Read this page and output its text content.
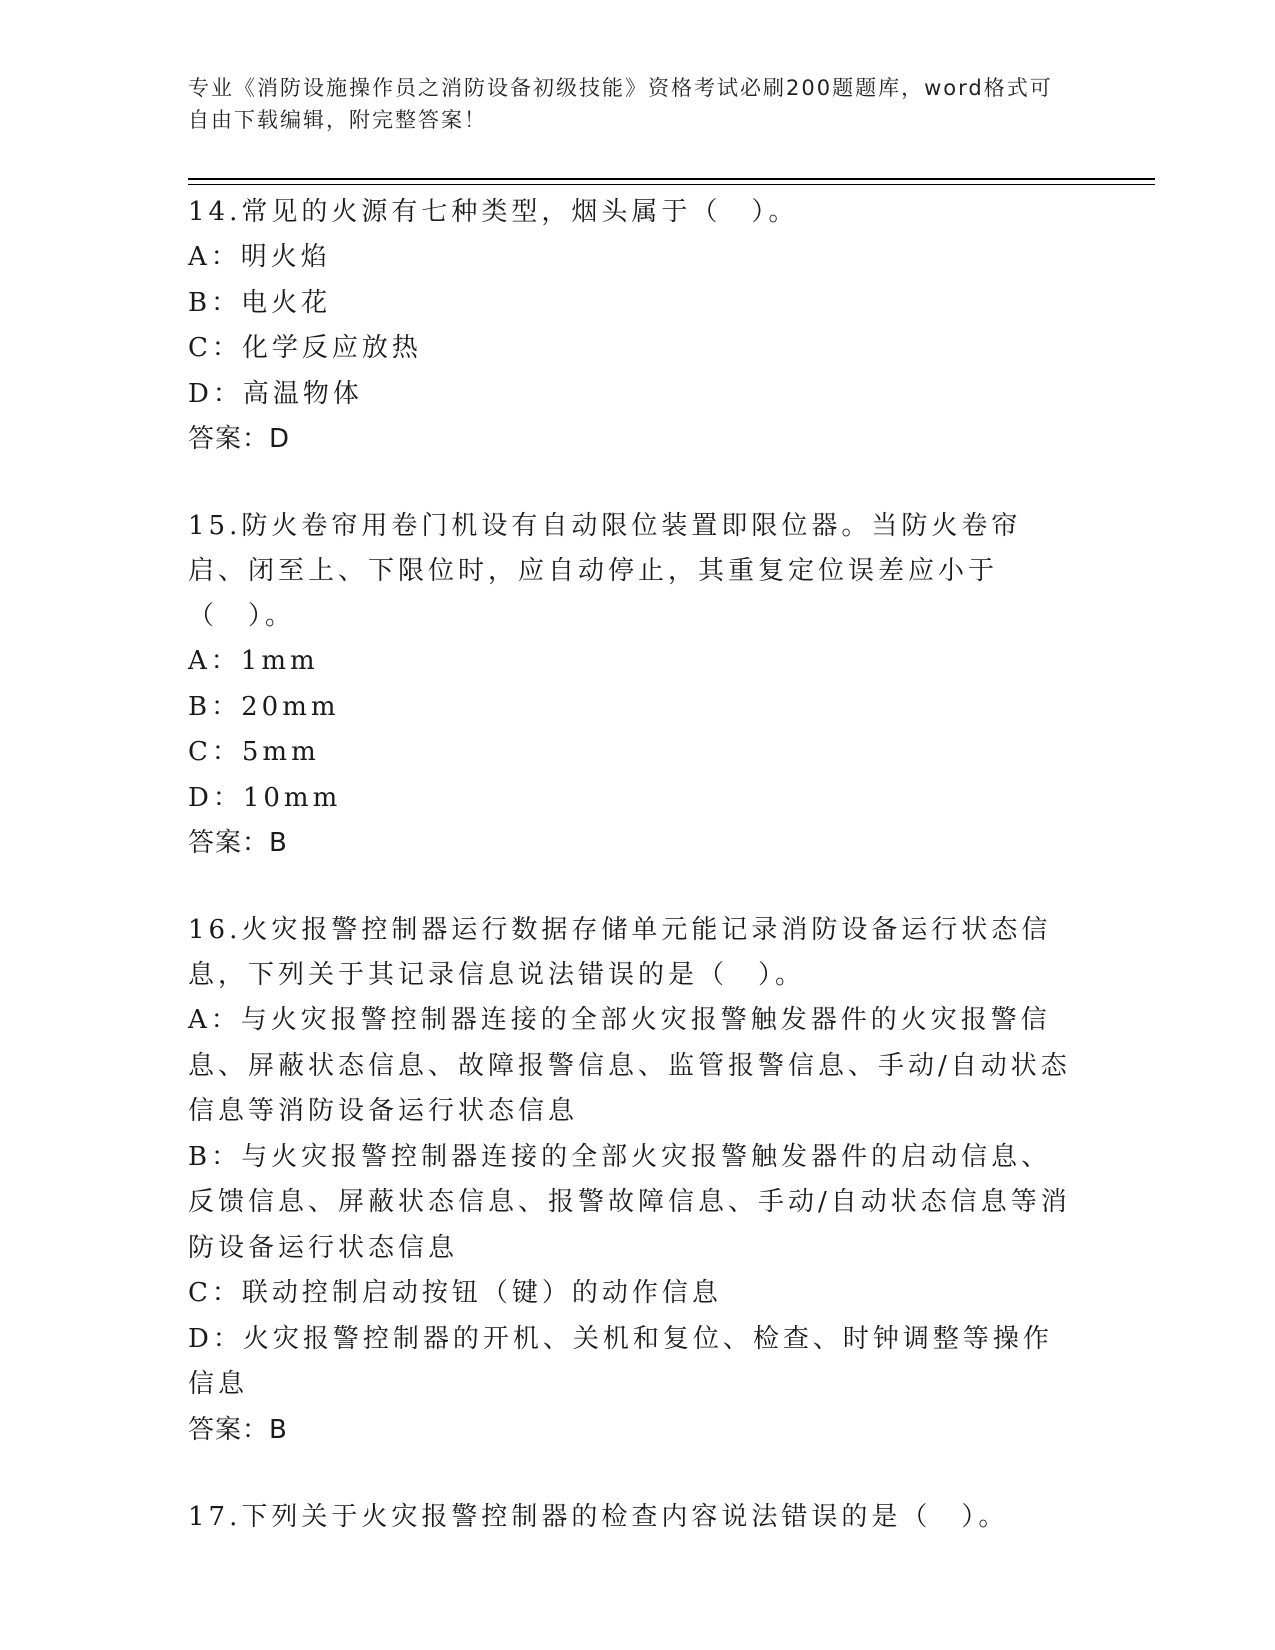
专业《消防设施操作员之消防设备初级技能》资格考试必刷200题题库，word格式可自由下载编辑，附完整答案！

14.常见的火源有七种类型，烟头属于（　）。

A：明火焰

B：电火花

C：化学反应放热

D：高温物体

答案：D

15.防火卷帘用卷门机设有自动限位装置即限位器。当防火卷帘启、闭至上、下限位时，应自动停止，其重复定位误差应小于（　）。

A：1mm

B：20mm

C：5mm

D：10mm

答案：B

16.火灾报警控制器运行数据存储单元能记录消防设备运行状态信息，下列关于其记录信息说法错误的是（　）。

A：与火灾报警控制器连接的全部火灾报警触发器件的火灾报警信息、屏蔽状态信息、故障报警信息、监管报警信息、手动/自动状态信息等消防设备运行状态信息

B：与火灾报警控制器连接的全部火灾报警触发器件的启动信息、反馈信息、屏蔽状态信息、报警故障信息、手动/自动状态信息等消防设备运行状态信息

C：联动控制启动按钮（键）的动作信息

D：火灾报警控制器的开机、关机和复位、检查、时钟调整等操作信息

答案：B

17.下列关于火灾报警控制器的检查内容说法错误的是（　）。
